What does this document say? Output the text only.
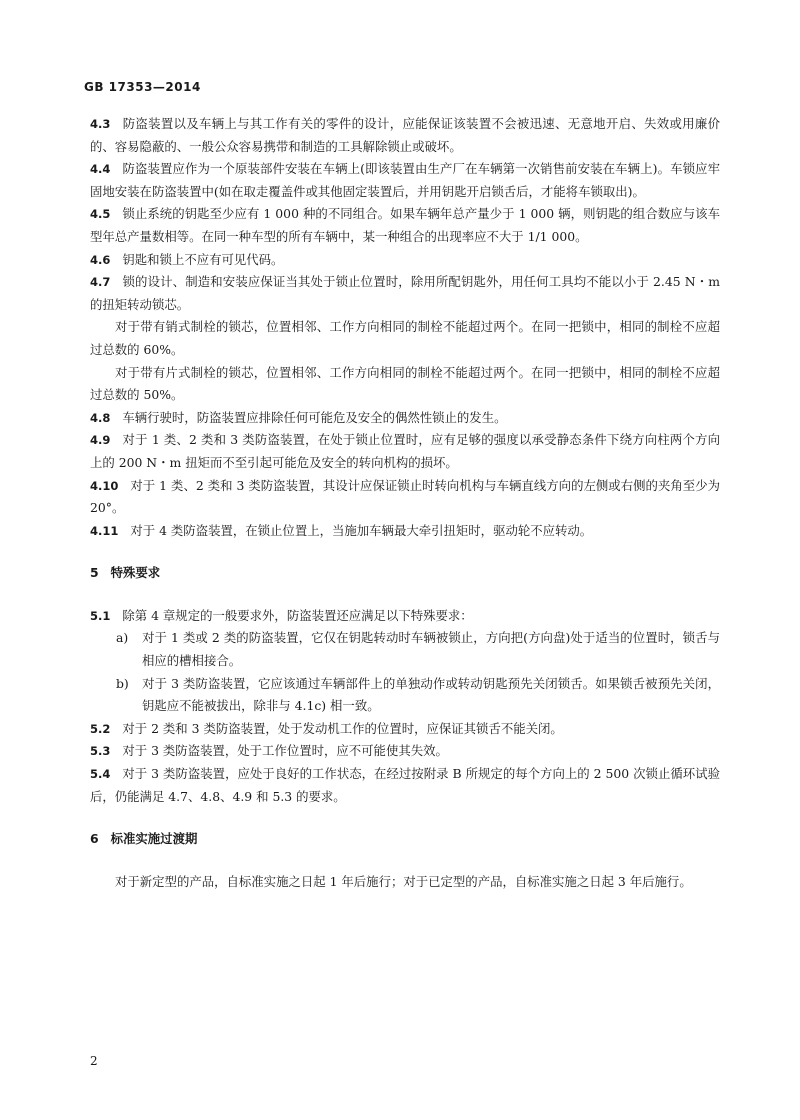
GB 17353—2014

4.3 防盗装置以及车辆上与其工作有关的零件的设计，应能保证该装置不会被迅速、无意地开启、失效或用廉价的、容易隐蔽的、一般公众容易携带和制造的工具解除锁止或破坏。

4.4 防盗装置应作为一个原装部件安装在车辆上(即该装置由生产厂在车辆第一次销售前安装在车辆上)。车锁应牢固地安装在防盗装置中(如在取走覆盖件或其他固定装置后，并用钥匙开启锁舌后，才能将车锁取出)。

4.5 锁止系统的钥匙至少应有 1 000 种的不同组合。如果车辆年总产量少于 1 000 辆，则钥匙的组合数应与该车型年总产量数相等。在同一种车型的所有车辆中，某一种组合的出现率应不大于 1/1 000。

4.6 钥匙和锁上不应有可见代码。

4.7 锁的设计、制造和安装应保证当其处于锁止位置时，除用所配钥匙外，用任何工具均不能以小于 2.45 N・m 的扭矩转动锁芯。

对于带有销式制栓的锁芯，位置相邻、工作方向相同的制栓不能超过两个。在同一把锁中，相同的制栓不应超过总数的 60%。

对于带有片式制栓的锁芯，位置相邻、工作方向相同的制栓不能超过两个。在同一把锁中，相同的制栓不应超过总数的 50%。

4.8 车辆行驶时，防盗装置应排除任何可能危及安全的偶然性锁止的发生。

4.9 对于 1 类、2 类和 3 类防盗装置，在处于锁止位置时，应有足够的强度以承受静态条件下绕方向柱两个方向上的 200 N・m 扭矩而不至引起可能危及安全的转向机构的损坏。

4.10 对于 1 类、2 类和 3 类防盗装置，其设计应保证锁止时转向机构与车辆直线方向的左侧或右侧的夹角至少为 20°。

4.11 对于 4 类防盗装置，在锁止位置上，当施加车辆最大牵引扭矩时，驱动轮不应转动。

5 特殊要求

5.1 除第 4 章规定的一般要求外，防盗装置还应满足以下特殊要求：

a) 对于 1 类或 2 类的防盗装置，它仅在钥匙转动时车辆被锁止，方向把(方向盘)处于适当的位置时，锁舌与相应的槽相接合。

b) 对于 3 类防盗装置，它应该通过车辆部件上的单独动作或转动钥匙预先关闭锁舌。如果锁舌被预先关闭，钥匙应不能被拔出，除非与 4.1c) 相一致。

5.2 对于 2 类和 3 类防盗装置，处于发动机工作的位置时，应保证其锁舌不能关闭。

5.3 对于 3 类防盗装置，处于工作位置时，应不可能使其失效。

5.4 对于 3 类防盗装置，应处于良好的工作状态，在经过按附录 B 所规定的每个方向上的 2 500 次锁止循环试验后，仍能满足 4.7、4.8、4.9 和 5.3 的要求。

6 标准实施过渡期

对于新定型的产品，自标准实施之日起 1 年后施行；对于已定型的产品，自标准实施之日起 3 年后施行。

2
